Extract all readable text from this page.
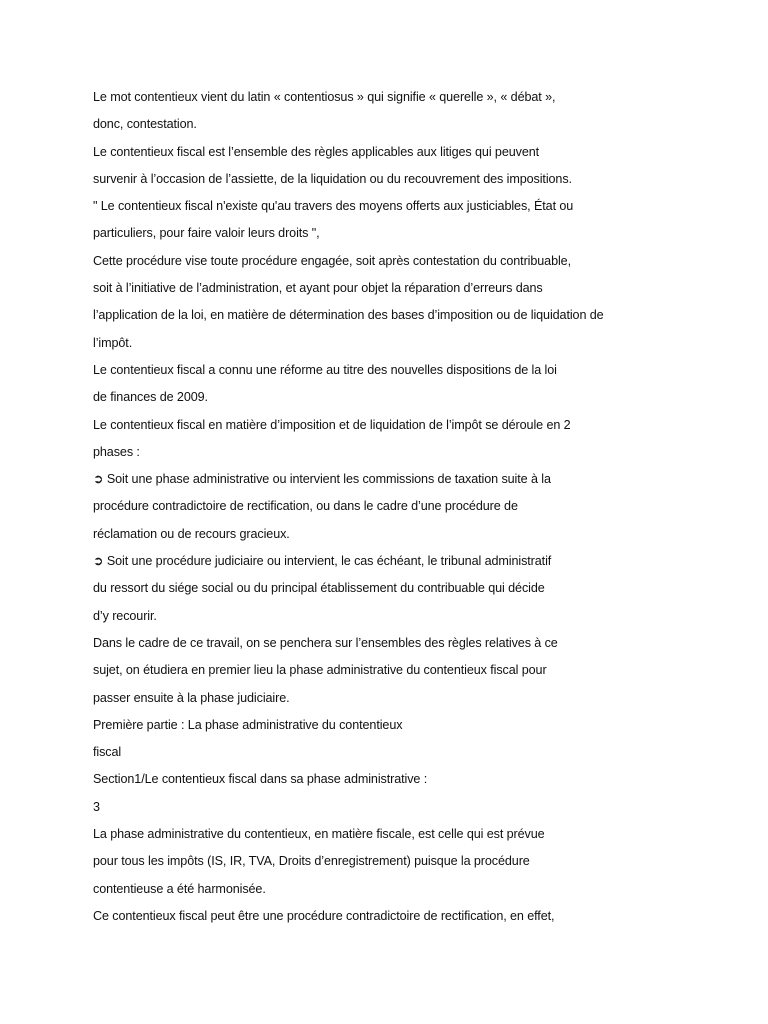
Le mot contentieux vient du latin « contentiosus » qui signifie « querelle », « débat »,
donc, contestation.
Le contentieux fiscal est l’ensemble des règles applicables aux litiges qui peuvent
survenir à l’occasion de l’assiette, de la liquidation ou du recouvrement des impositions.
" Le contentieux fiscal n'existe qu'au travers des moyens offerts aux justiciables, État ou
particuliers, pour faire valoir leurs droits ",
Cette procédure vise toute procédure engagée, soit après contestation du contribuable,
soit à l’initiative de l’administration, et ayant pour objet la réparation d’erreurs dans
l’application de la loi, en matière de détermination des bases d’imposition ou de liquidation de
l’impôt.
Le contentieux fiscal a connu une réforme au titre des nouvelles dispositions de la loi
de finances de 2009.
Le contentieux fiscal en matière d’imposition et de liquidation de l’impôt se déroule en 2
phases :
➲ Soit une phase administrative ou intervient les commissions de taxation suite à la
procédure contradictoire de rectification, ou dans le cadre d’une procédure de
réclamation ou de recours gracieux.
➲ Soit une procédure judiciaire ou intervient, le cas échéant, le tribunal administratif
du ressort du siége social ou du principal établissement du contribuable qui décide
d’y recourir.
Dans le cadre de ce travail, on se penchera sur l’ensembles des règles relatives à ce
sujet, on étudiera en premier lieu la phase administrative du contentieux fiscal pour
passer ensuite à la phase judiciaire.
Première partie : La phase administrative du contentieux
fiscal
Section1/Le contentieux fiscal dans sa phase administrative :
3
La phase administrative du contentieux, en matière fiscale, est celle qui est prévue
pour tous les impôts (IS, IR, TVA, Droits d’enregistrement) puisque la procédure
contentieuse a été harmonisée.
Ce contentieux fiscal peut être une procédure contradictoire de rectification, en effet,
